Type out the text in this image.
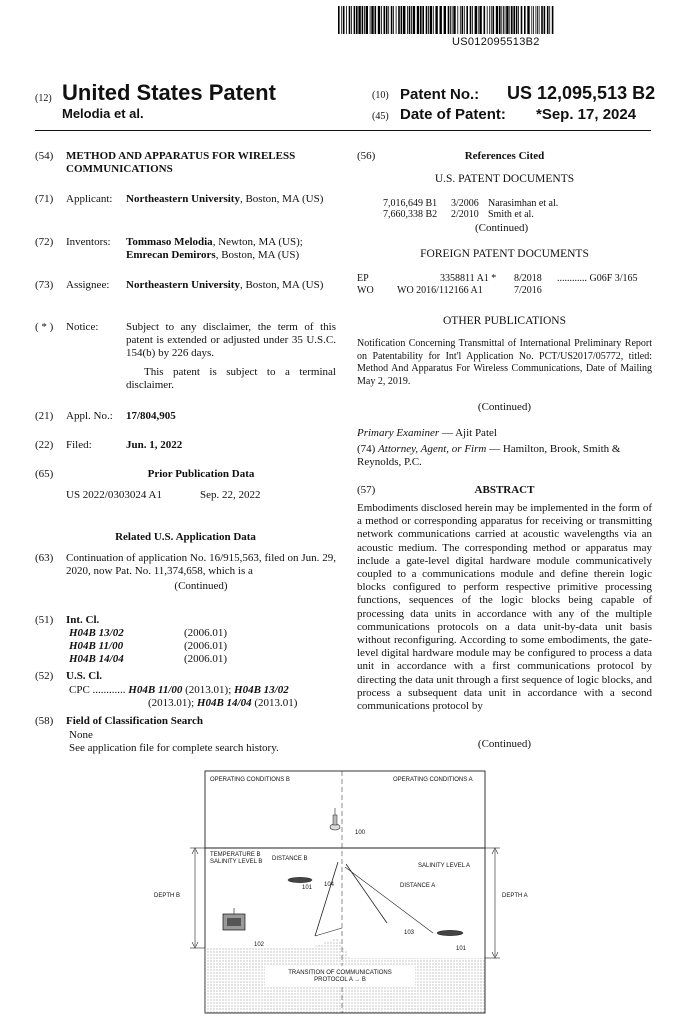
US012095513B2
(12) United States Patent
Melodia et al.
(10) Patent No.: US 12,095,513 B2
(45) Date of Patent: *Sep. 17, 2024
(54) METHOD AND APPARATUS FOR WIRELESS COMMUNICATIONS
(71) Applicant: Northeastern University, Boston, MA (US)
(72) Inventors: Tommaso Melodia, Newton, MA (US);
Emrecan Demirors, Boston, MA (US)
(73) Assignee: Northeastern University, Boston, MA (US)
( * ) Notice:	Subject to any disclaimer, the term of this patent is extended or adjusted under 35 U.S.C. 154(b) by 226 days.
This patent is subject to a terminal disclaimer.
(21) Appl. No.: 17/804,905
(22) Filed:	Jun. 1, 2022
(65)	Prior Publication Data
US 2022/0303024 A1	Sep. 22, 2022
Related U.S. Application Data
(63) Continuation of application No. 16/915,563, filed on Jun. 29, 2020, now Pat. No. 11,374,658, which is a
(Continued)
(51) Int. Cl.
H04B 13/02	(2006.01)
H04B 11/00	(2006.01)
H04B 14/04	(2006.01)
(52) U.S. Cl.
CPC ............ H04B 11/00 (2013.01); H04B 13/02
(2013.01); H04B 14/04 (2013.01)
(58) Field of Classification Search
None
See application file for complete search history.
(56)	References Cited
U.S. PATENT DOCUMENTS
7,016,649 B1 3/2006 Narasimhan et al.
7,660,338 B2 2/2010 Smith et al.
(Continued)
FOREIGN PATENT DOCUMENTS
EP	3358811 A1 * 8/2018 ............ G06F 3/165
WO WO 2016/112166 A1	7/2016
OTHER PUBLICATIONS
Notification Concerning Transmittal of International Preliminary Report on Patentability for Int'l Application No. PCT/US2017/05772, titled: Method And Apparatus For Wireless Communications, Date of Mailing May 2, 2019.
(Continued)
Primary Examiner — Ajit Patel
(74) Attorney, Agent, or Firm — Hamilton, Brook, Smith & Reynolds, P.C.
(57)	ABSTRACT
Embodiments disclosed herein may be implemented in the form of a method or corresponding apparatus for receiving or transmitting network communications carried at acoustic wavelengths via an acoustic medium. The corresponding method or apparatus may include a gate-level digital hardware module communicatively coupled to a communications module and define therein logic blocks configured to perform respective primitive processing functions, sequences of the logic blocks being capable of processing data units in accordance with any of the multiple communications protocols on a data unit-by-data unit basis without reconfiguring. According to some embodiments, the gate-level digital hardware module may be configured to process a data unit in accordance with a first communications protocol by directing the data unit through a first sequence of logic blocks, and process a subsequent data unit in accordance with a second communications protocol by
(Continued)
OPERATING CONDITIONS B	OPERATING CONDITIONS A
100
TEMPERATURE B
SALINITY LEVEL B DISTANCE B
SALINITY LEVEL A
104	DISTANCE A
DEPTH B	DEPTH A
101
102
103
101
TRANSITION OF COMMUNICATIONS
PROTOCOL A → B
